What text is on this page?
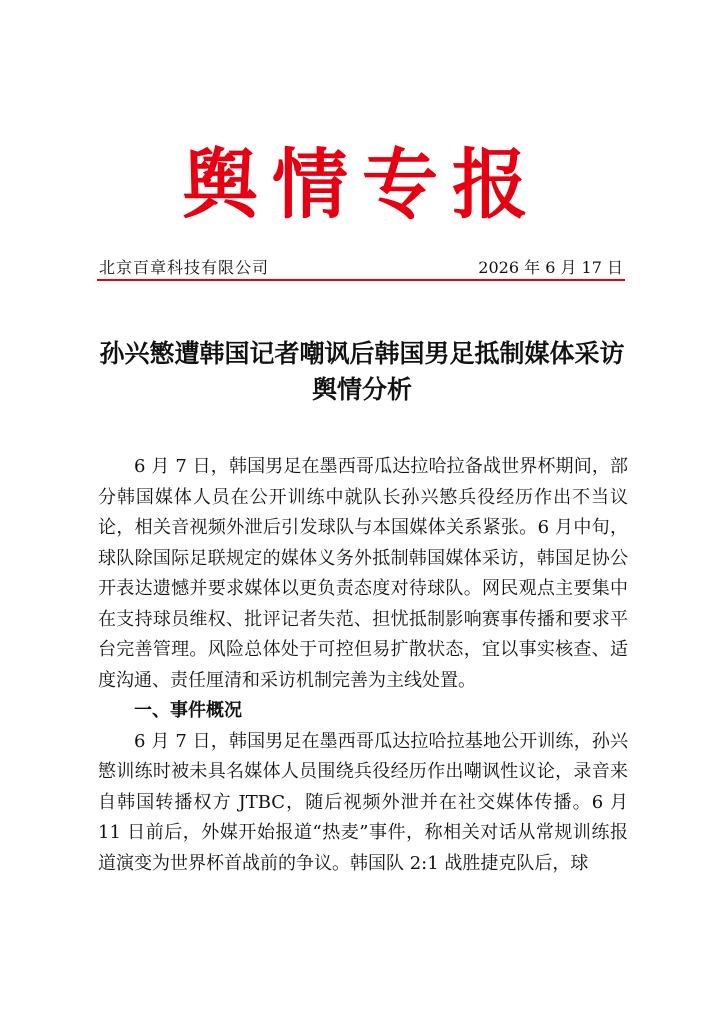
舆情专报
北京百章科技有限公司	2026 年 6 月 17 日
孙兴慜遭韩国记者嘲讽后韩国男足抵制媒体采访
舆情分析

6 月 7 日，韩国男足在墨西哥瓜达拉哈拉备战世界杯期间，部分韩国媒体人员在公开训练中就队长孙兴慜兵役经历作出不当议论，相关音视频外泄后引发球队与本国媒体关系紧张。6 月中旬，球队除国际足联规定的媒体义务外抵制韩国媒体采访，韩国足协公开表达遗憾并要求媒体以更负责态度对待球队。网民观点主要集中在支持球员维权、批评记者失范、担忧抵制影响赛事传播和要求平台完善管理。风险总体处于可控但易扩散状态，宜以事实核查、适度沟通、责任厘清和采访机制完善为主线处置。

一、事件概况

6 月 7 日，韩国男足在墨西哥瓜达拉哈拉基地公开训练，孙兴慜训练时被未具名媒体人员围绕兵役经历作出嘲讽性议论，录音来自韩国转播权方 JTBC，随后视频外泄并在社交媒体传播。6 月 11 日前后，外媒开始报道“热麦”事件，称相关对话从常规训练报道演变为世界杯首战前的争议。韩国队 2:1 战胜捷克队后，球
